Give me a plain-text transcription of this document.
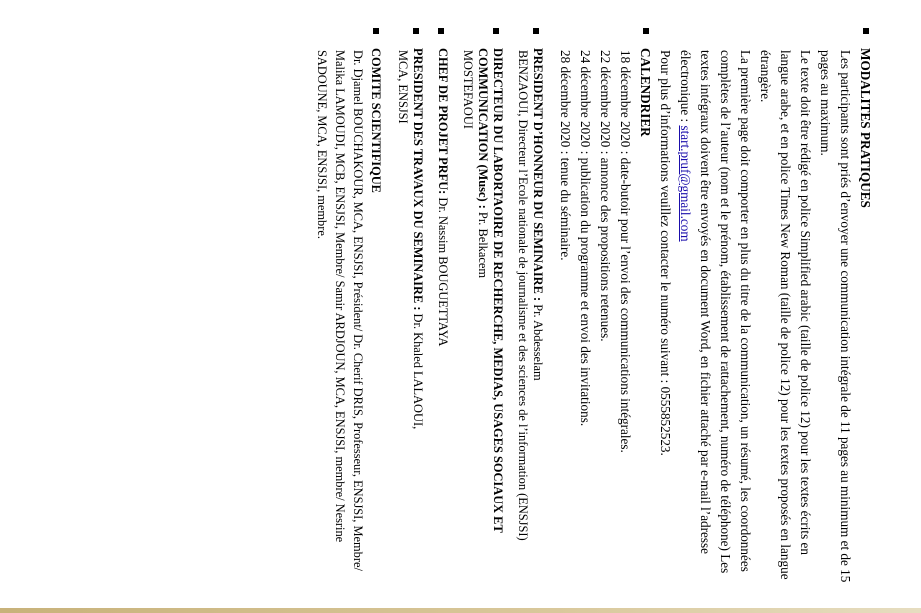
MODALITES PRATIQUES

Les participants sont priés d’envoyer une communication intégrale de 11 pages au minimum et de 15 pages au maximum.

Le texte doit être rédigé en police Simplified arabic (taille de police 12) pour les textes écrits en langue arabe, et en police Times New Roman (taille de police 12) pour les textes proposés en langue étrangère.

La première page doit comporter en plus du titre de la communication, un résumé, les coordonnées complètes de l’auteur (nom et le prénom, établissement de rattachement, numéro de téléphone) Les textes intégraux doivent être envoyés en document Word, en fichier attaché par e-mail l’adresse électronique : start.pruf@gmail.com

Pour plus d’informations veuillez contacter le numéro suivant : 0555852523.

CALENDRIER

18 décembre 2020 : date-butoir pour l’envoi des communications intégrales.

22 décembre 2020 : annonce des propositions retenues.

24 décembre 2020 : publication du programme et envoi des invitations.

28 décembre 2020 : tenue du séminaire.

PRESIDENT D’HONNEUR DU SEMINAIRE : Pr. Abdesselam

BENZAOUI, Directeur l’Ecole nationale de journalisme et des sciences de l’information (ENSJSI)

DIRECTEUR DU LABORTAOIRE DE RECHERCHE, MEDIAS, USAGES SOCIAUX ET COMMUNICATION (Musc) : Pr. Belkacem

MOSTEFAOUI

CHEF DE PROJET PRFU: Dr. Nassim BOUGUETTAYA
PRESIDENT DES TRAVAUX DU SEMINAIRE : Dr. Khaled LALAOUI,

MCA, ENSJSI

COMITE SCIENTIFIQUE

Dr. Djamel BOUCHAKOUR, MCA, ENSJSI, Président/ Dr. Cherif DRIS, Professeur, ENSJSI, Membre/ Malika LAMOUDI, MCB, ENSJSI, Membre/ Samir ARDJOUN, MCA, ENSJSI, membre/ Nesrine SADOUNE, MCA, ENSJSI, membre.
